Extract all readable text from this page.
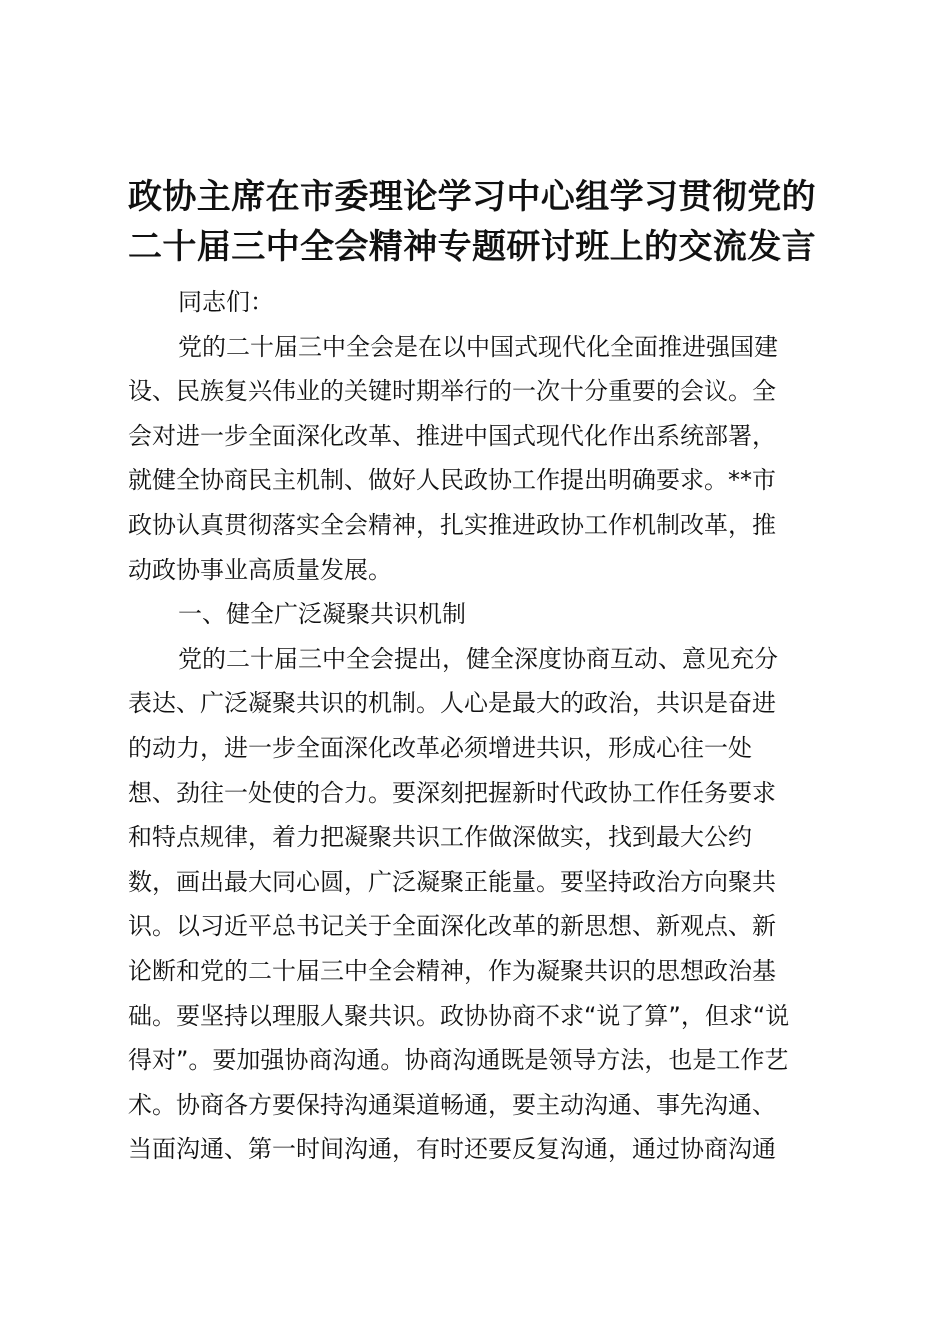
政协主席在市委理论学习中心组学习贯彻党的
二十届三中全会精神专题研讨班上的交流发言
同志们：
党的二十届三中全会是在以中国式现代化全面推进强国建
设、民族复兴伟业的关键时期举行的一次十分重要的会议。全
会对进一步全面深化改革、推进中国式现代化作出系统部署，
就健全协商民主机制、做好人民政协工作提出明确要求。**市
政协认真贯彻落实全会精神，扎实推进政协工作机制改革，推
动政协事业高质量发展。
一、健全广泛凝聚共识机制
党的二十届三中全会提出，健全深度协商互动、意见充分
表达、广泛凝聚共识的机制。人心是最大的政治，共识是奋进
的动力，进一步全面深化改革必须增进共识，形成心往一处
想、劲往一处使的合力。要深刻把握新时代政协工作任务要求
和特点规律，着力把凝聚共识工作做深做实，找到最大公约
数，画出最大同心圆，广泛凝聚正能量。要坚持政治方向聚共
识。以习近平总书记关于全面深化改革的新思想、新观点、新
论断和党的二十届三中全会精神，作为凝聚共识的思想政治基
础。要坚持以理服人聚共识。政协协商不求“说了算”，但求“说
得对”。要加强协商沟通。协商沟通既是领导方法，也是工作艺
术。协商各方要保持沟通渠道畅通，要主动沟通、事先沟通、
当面沟通、第一时间沟通，有时还要反复沟通，通过协商沟通
